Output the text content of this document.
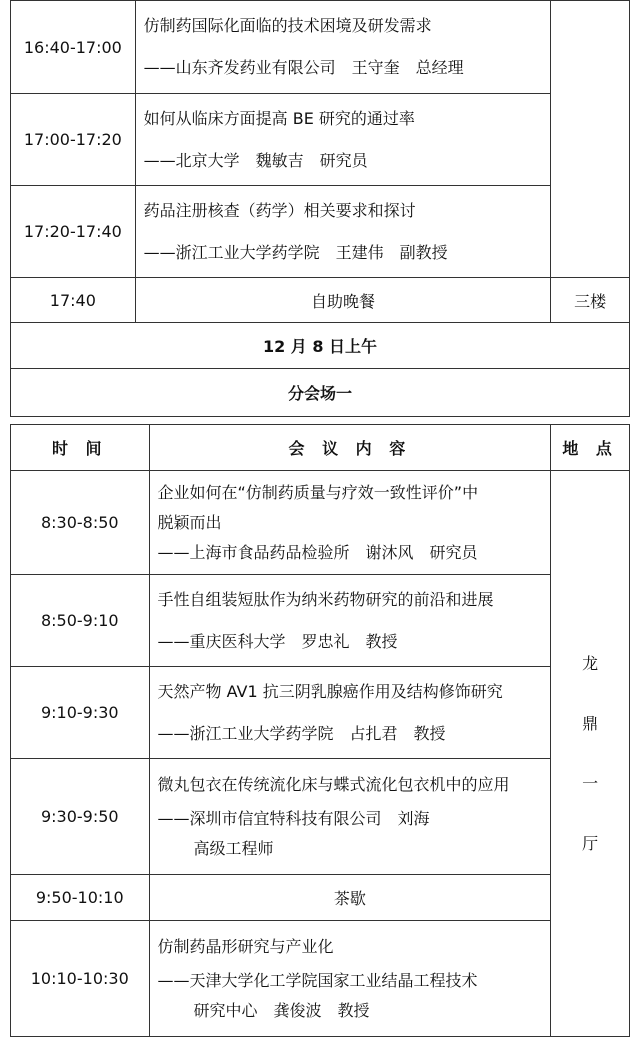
16:40-17:00	仿制药国际化面临的技术困境及研发需求
——山东齐发药业有限公司　王守奎　总经理	

17:00-17:20	如何从临床方面提高 BE 研究的通过率
——北京大学　魏敏吉　研究员	

17:20-17:40	药品注册核查（药学）相关要求和探讨
——浙江工业大学药学院　王建伟　副教授	

17:40	自助晚餐	三楼
12 月 8 日上午		
分会场一		
时 间	会 议 内 容	地 点
8:30-8:50	企业如何在“仿制药质量与疗效一致性评价”中
脱颖而出
——上海市食品药品检验所　谢沐风　研究员	龙
鼎
一
厅

8:50-9:10	手性自组装短肽作为纳米药物研究的前沿和进展
——重庆医科大学　罗忠礼　教授	

9:10-9:30	天然产物 AV1 抗三阴乳腺癌作用及结构修饰研究
——浙江工业大学药学院　占扎君　教授	

9:30-9:50	微丸包衣在传统流化床与蝶式流化包衣机中的应用
——深圳市信宜特科技有限公司　刘海
高级工程师	

9:50-10:10	茶歇	
10:10-10:30	仿制药晶形研究与产业化
——天津大学化工学院国家工业结晶工程技术
研究中心　龚俊波　教授	
